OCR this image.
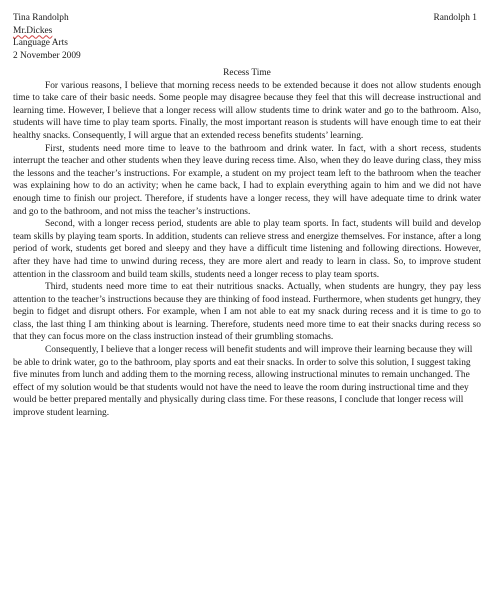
Tina Randolph
Mr.Dickes
Language Arts
2 November 2009
Randolph 1
Recess Time

For various reasons, I believe that morning recess needs to be extended because it does not allow students enough time to take care of their basic needs. Some people may disagree because they feel that this will decrease instructional and learning time. However, I believe that a longer recess will allow students time to drink water and go to the bathroom. Also, students will have time to play team sports. Finally, the most important reason is students will have enough time to eat their healthy snacks. Consequently, I will argue that an extended recess benefits students’ learning.

First, students need more time to leave to the bathroom and drink water. In fact, with a short recess, students interrupt the teacher and other students when they leave during recess time. Also, when they do leave during class, they miss the lessons and the teacher’s instructions. For example, a student on my project team left to the bathroom when the teacher was explaining how to do an activity; when he came back, I had to explain everything again to him and we did not have enough time to finish our project. Therefore, if students have a longer recess, they will have adequate time to drink water and go to the bathroom, and not miss the teacher’s instructions.

Second, with a longer recess period, students are able to play team sports. In fact, students will build and develop team skills by playing team sports. In addition, students can relieve stress and energize themselves. For instance, after a long period of work, students get bored and sleepy and they have a difficult time listening and following directions. However, after they have had time to unwind during recess, they are more alert and ready to learn in class. So, to improve student attention in the classroom and build team skills, students need a longer recess to play team sports.

Third, students need more time to eat their nutritious snacks. Actually, when students are hungry, they pay less attention to the teacher’s instructions because they are thinking of food instead. Furthermore, when students get hungry, they begin to fidget and disrupt others. For example, when I am not able to eat my snack during recess and it is time to go to class, the last thing I am thinking about is learning. Therefore, students need more time to eat their snacks during recess so that they can focus more on the class instruction instead of their grumbling stomachs.

Consequently, I believe that a longer recess will benefit students and will improve their learning because they will be able to drink water, go to the bathroom, play sports and eat their snacks. In order to solve this solution, I suggest taking five minutes from lunch and adding them to the morning recess, allowing instructional minutes to remain unchanged. The effect of my solution would be that students would not have the need to leave the room during instructional time and they would be better prepared mentally and physically during class time. For these reasons, I conclude that longer recess will improve student learning.
